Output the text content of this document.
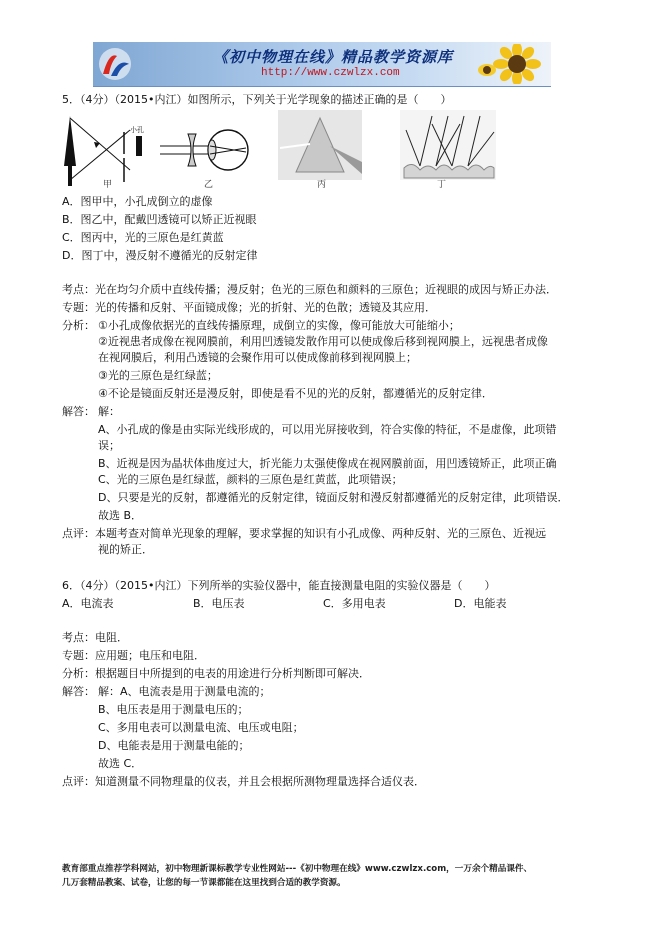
《初中物理在线》精品教学资源库
http://www.czwlzx.com
5．（4分）（2015•内江）如图所示，下列关于光学现象的描述正确的是（　　）
小孔
甲	乙	丙	丁
A．图甲中，小孔成倒立的虚像
B．图乙中，配戴凹透镜可以矫正近视眼
C．图丙中，光的三原色是红黄蓝
D．图丁中，漫反射不遵循光的反射定律
考点：光在均匀介质中直线传播；漫反射；色光的三原色和颜料的三原色；近视眼的成因与矫正办法．
专题：光的传播和反射、平面镜成像；光的折射、光的色散；透镜及其应用．
分析： ①小孔成像依据光的直线传播原理，成倒立的实像，像可能放大可能缩小；
②近视患者成像在视网膜前，利用凹透镜发散作用可以使成像后移到视网膜上，远视患者成像
在视网膜后，利用凸透镜的会聚作用可以使成像前移到视网膜上；
③光的三原色是红绿蓝；
④不论是镜面反射还是漫反射，即使是看不见的光的反射，都遵循光的反射定律．
解答： 解：
A、小孔成的像是由实际光线形成的，可以用光屏接收到，符合实像的特征，不是虚像，此项错
误；
B、近视是因为晶状体曲度过大，折光能力太强使像成在视网膜前面，用凹透镜矫正，此项正确
C、光的三原色是红绿蓝，颜料的三原色是红黄蓝，此项错误；
D、只要是光的反射，都遵循光的反射定律，镜面反射和漫反射都遵循光的反射定律，此项错误．
故选 B．
点评：本题考查对简单光现象的理解，要求掌握的知识有小孔成像、两种反射、光的三原色、近视远
视的矫正．
6．（4分）（2015•内江）下列所举的实验仪器中，能直接测量电阻的实验仪器是（　　）
A．电流表	B．电压表	C．多用电表	D．电能表
考点：电阻．
专题：应用题；电压和电阻．
分析：根据题目中所提到的电表的用途进行分析判断即可解决．
解答： 解：A、电流表是用于测量电流的；
B、电压表是用于测量电压的；
C、多用电表可以测量电流、电压或电阻；
D、电能表是用于测量电能的；
故选 C．
点评：知道测量不同物理量的仪表，并且会根据所测物理量选择合适仪表．
教育部重点推荐学科网站，初中物理新课标教学专业性网站---《初中物理在线》www.czwlzx.com，一万余个精品课件、
几万套精品教案、试卷，让您的每一节课都能在这里找到合适的教学资源。
